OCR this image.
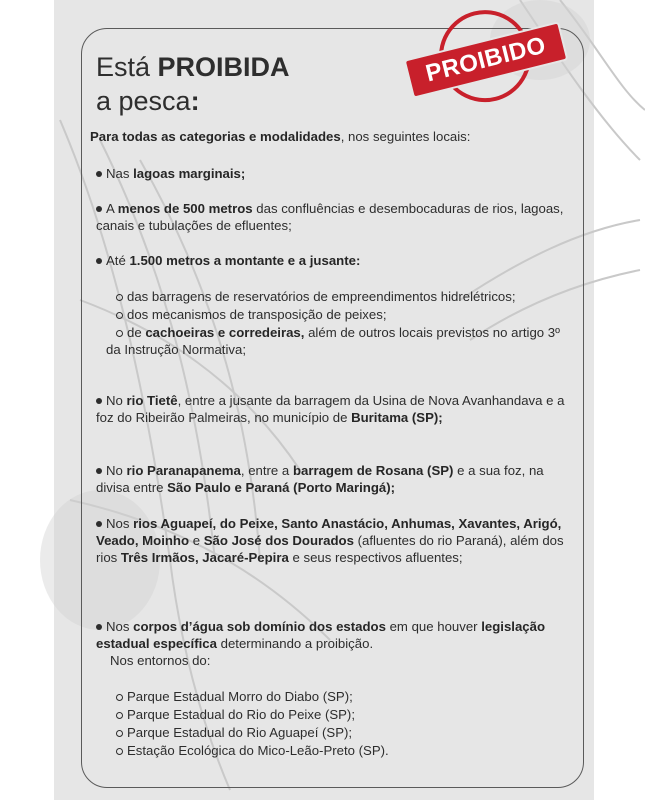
Está PROIBIDA
a pesca:
PROIBIDO

Para todas as categorias e modalidades, nos seguintes locais:

Nas lagoas marginais;

A menos de 500 metros das confluências e desembocaduras de rios, lagoas, canais e tubulações de efluentes;

Até 1.500 metros a montante e a jusante:

das barragens de reservatórios de empreendimentos hidrelétricos;

dos mecanismos de transposição de peixes;

de cachoeiras e corredeiras, além de outros locais previstos no artigo 3º da Instrução Normativa;

No rio Tietê, entre a jusante da barragem da Usina de Nova Avanhandava e a foz do Ribeirão Palmeiras, no município de Buritama (SP);

No rio Paranapanema, entre a barragem de Rosana (SP) e a sua foz, na divisa entre São Paulo e Paraná (Porto Maringá);

Nos rios Aguapeí, do Peixe, Santo Anastácio, Anhumas, Xavantes, Arigó, Veado, Moinho e São José dos Dourados (afluentes do rio Paraná), além dos rios Três Irmãos, Jacaré-Pepira e seus respectivos afluentes;

Nos corpos d’água sob domínio dos estados em que houver legislação estadual específica determinando a proibição.

Nos entornos do:

Parque Estadual Morro do Diabo (SP);

Parque Estadual do Rio do Peixe (SP);

Parque Estadual do Rio Aguapeí (SP);

Estação Ecológica do Mico-Leão-Preto (SP).
